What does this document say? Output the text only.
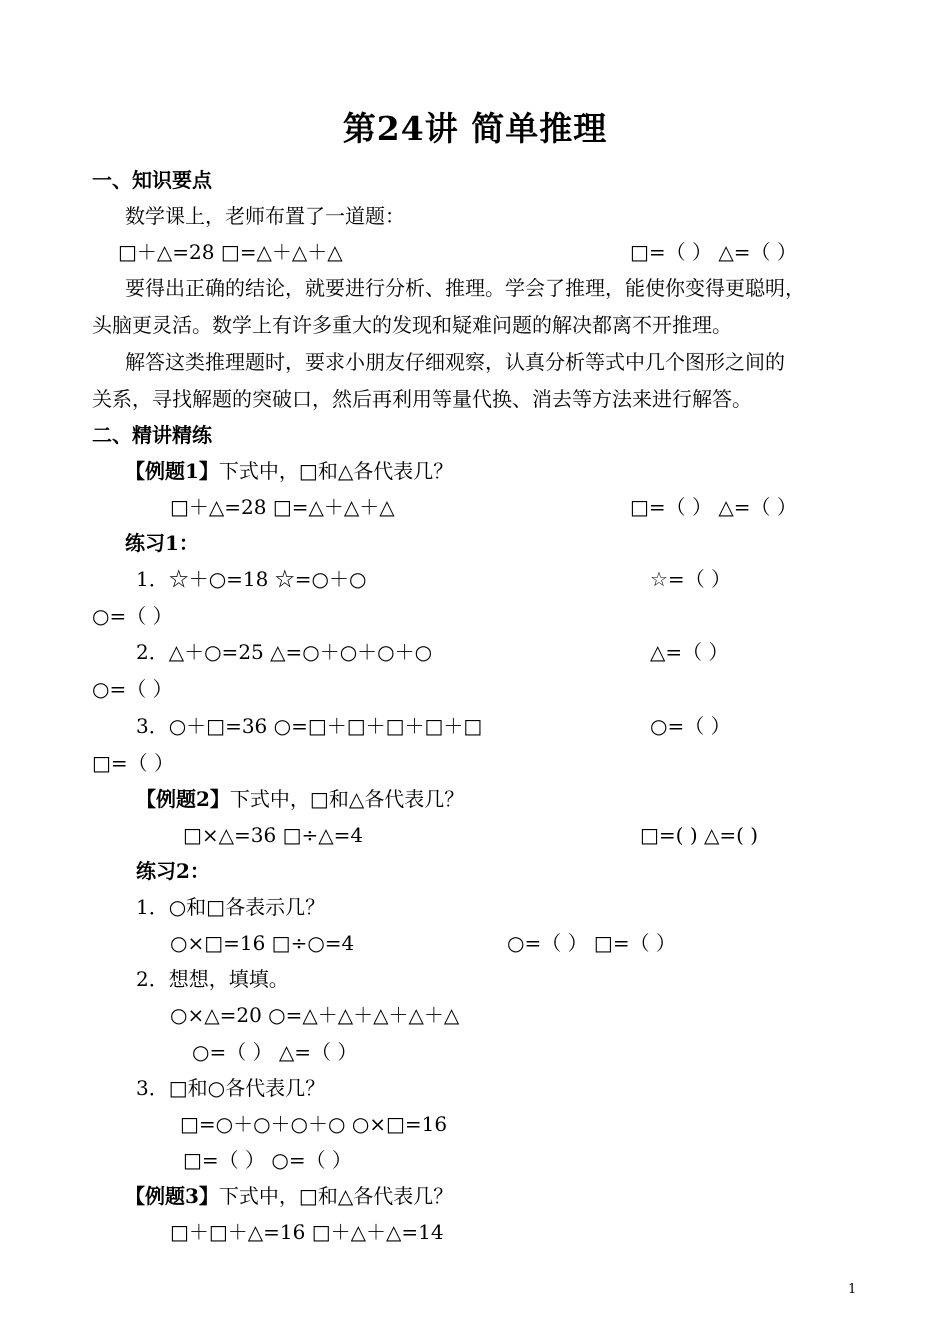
第24讲 简单推理
一、知识要点
数学课上，老师布置了一道题：
□＋△=28 □=△＋△＋△	□=（ ） △=（ ）
要得出正确的结论，就要进行分析、推理。学会了推理，能使你变得更聪明，
头脑更灵活。数学上有许多重大的发现和疑难问题的解决都离不开推理。
解答这类推理题时，要求小朋友仔细观察，认真分析等式中几个图形之间的
关系，寻找解题的突破口，然后再利用等量代换、消去等方法来进行解答。
二、精讲精练
【例题1】下式中，□和△各代表几？
□＋△=28 □=△＋△＋△	□=（ ） △=（ ）
练习1：
1．☆＋○=18 ☆=○＋○	☆=（ ）
○=（ ）
2．△＋○=25 △=○＋○＋○＋○	△=（ ）
○=（ ）
3．○＋□=36 ○=□＋□＋□＋□＋□	○=（ ）
□=（ ）
【例题2】下式中，□和△各代表几？
□×△=36 □÷△=4	□=( ) △=( )
练习2：
1．○和□各表示几？
○×□=16 □÷○=4	○=（ ） □=（ ）
2．想想，填填。
○×△=20 ○=△＋△＋△＋△＋△
○=（ ） △=（ ）
3．□和○各代表几？
□=○＋○＋○＋○ ○×□=16
□=（ ） ○=（ ）
【例题3】下式中，□和△各代表几？
□＋□＋△=16 □＋△＋△=14
1
